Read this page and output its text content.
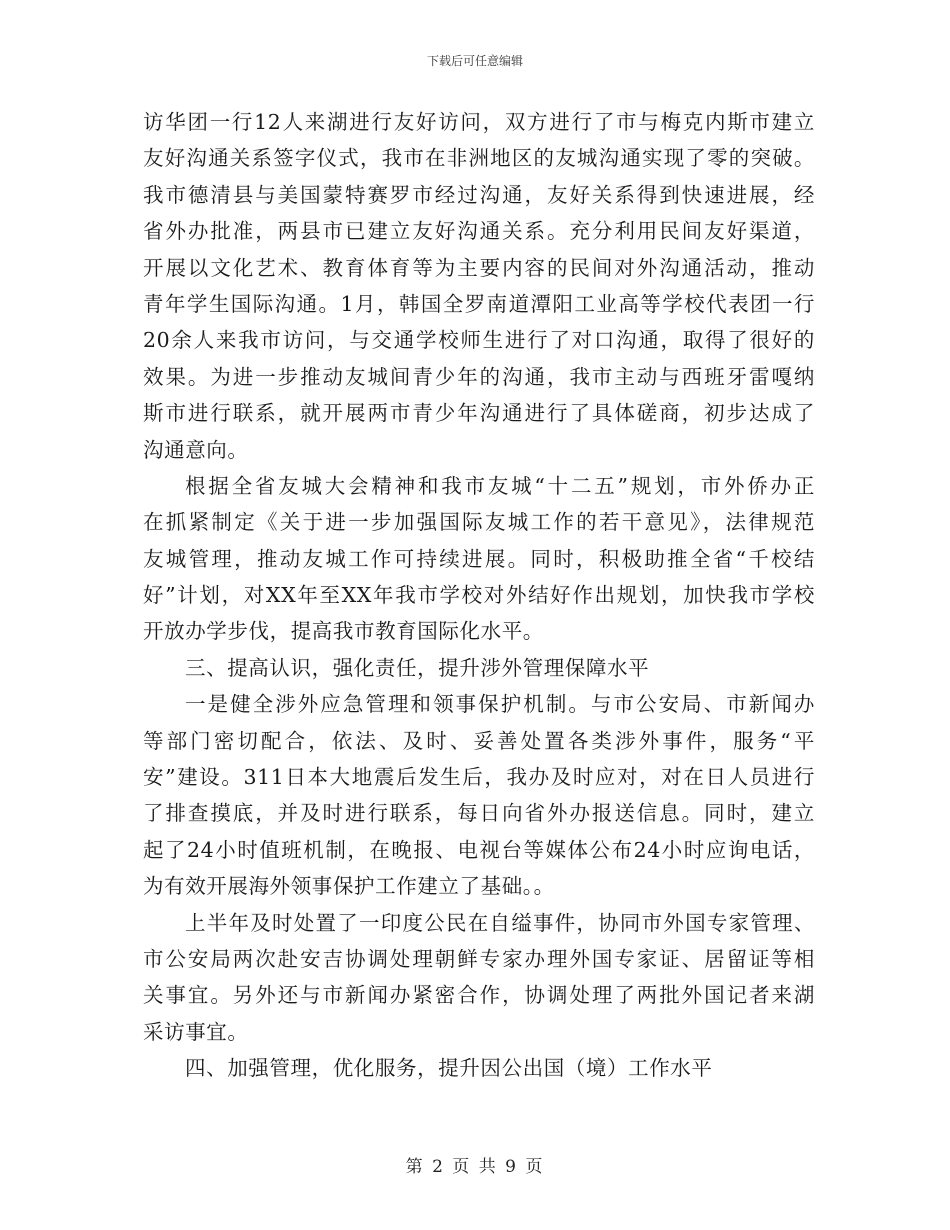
下载后可任意编辑
访华团一行12人来湖进行友好访问，双方进行了市与梅克内斯市建立
友好沟通关系签字仪式，我市在非洲地区的友城沟通实现了零的突破。
我市德清县与美国蒙特赛罗市经过沟通，友好关系得到快速进展，经
省外办批准，两县市已建立友好沟通关系。充分利用民间友好渠道，
开展以文化艺术、教育体育等为主要内容的民间对外沟通活动，推动
青年学生国际沟通。1月，韩国全罗南道潭阳工业高等学校代表团一行
20余人来我市访问，与交通学校师生进行了对口沟通，取得了很好的
效果。为进一步推动友城间青少年的沟通，我市主动与西班牙雷嘎纳
斯市进行联系，就开展两市青少年沟通进行了具体磋商，初步达成了
沟通意向。
根据全省友城大会精神和我市友城“十二五”规划，市外侨办正
在抓紧制定《关于进一步加强国际友城工作的若干意见》，法律规范
友城管理，推动友城工作可持续进展。同时，积极助推全省“千校结
好”计划，对XX年至XX年我市学校对外结好作出规划，加快我市学校
开放办学步伐，提高我市教育国际化水平。
三、提高认识，强化责任，提升涉外管理保障水平
一是健全涉外应急管理和领事保护机制。与市公安局、市新闻办
等部门密切配合，依法、及时、妥善处置各类涉外事件，服务“平
安”建设。311日本大地震后发生后，我办及时应对，对在日人员进行
了排查摸底，并及时进行联系，每日向省外办报送信息。同时，建立
起了24小时值班机制，在晚报、电视台等媒体公布24小时应询电话，
为有效开展海外领事保护工作建立了基础。。
上半年及时处置了一印度公民在自缢事件，协同市外国专家管理、
市公安局两次赴安吉协调处理朝鲜专家办理外国专家证、居留证等相
关事宜。另外还与市新闻办紧密合作，协调处理了两批外国记者来湖
采访事宜。
四、加强管理，优化服务，提升因公出国（境）工作水平
第 2 页 共 9 页
